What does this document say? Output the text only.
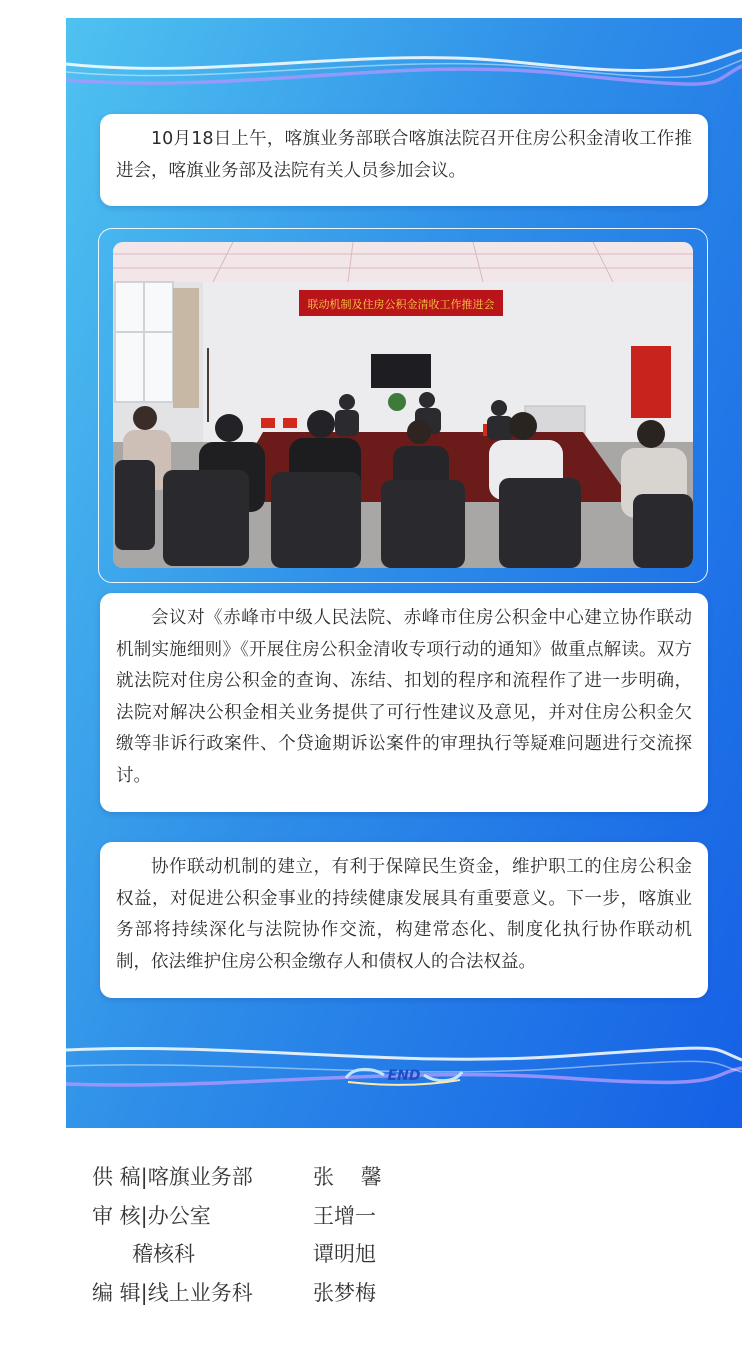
10月18日上午，喀旗业务部联合喀旗法院召开住房公积金清收工作推进会，喀旗业务部及法院有关人员参加会议。

联动机制及住房公积金清收工作推进会

会议对《赤峰市中级人民法院、赤峰市住房公积金中心建立协作联动机制实施细则》《开展住房公积金清收专项行动的通知》做重点解读。双方就法院对住房公积金的查询、冻结、扣划的程序和流程作了进一步明确，法院对解决公积金相关业务提供了可行性建议及意见，并对住房公积金欠缴等非诉行政案件、个贷逾期诉讼案件的审理执行等疑难问题进行交流探讨。

协作联动机制的建立，有利于保障民生资金，维护职工的住房公积金权益，对促进公积金事业的持续健康发展具有重要意义。下一步，喀旗业务部将持续深化与法院协作交流，构建常态化、制度化执行协作联动机制，依法维护住房公积金缴存人和债权人的合法权益。

END
供 稿|喀旗业务部	张    馨
审 核|办公室	王增一
稽核科	谭明旭
编 辑|线上业务科	张梦梅
